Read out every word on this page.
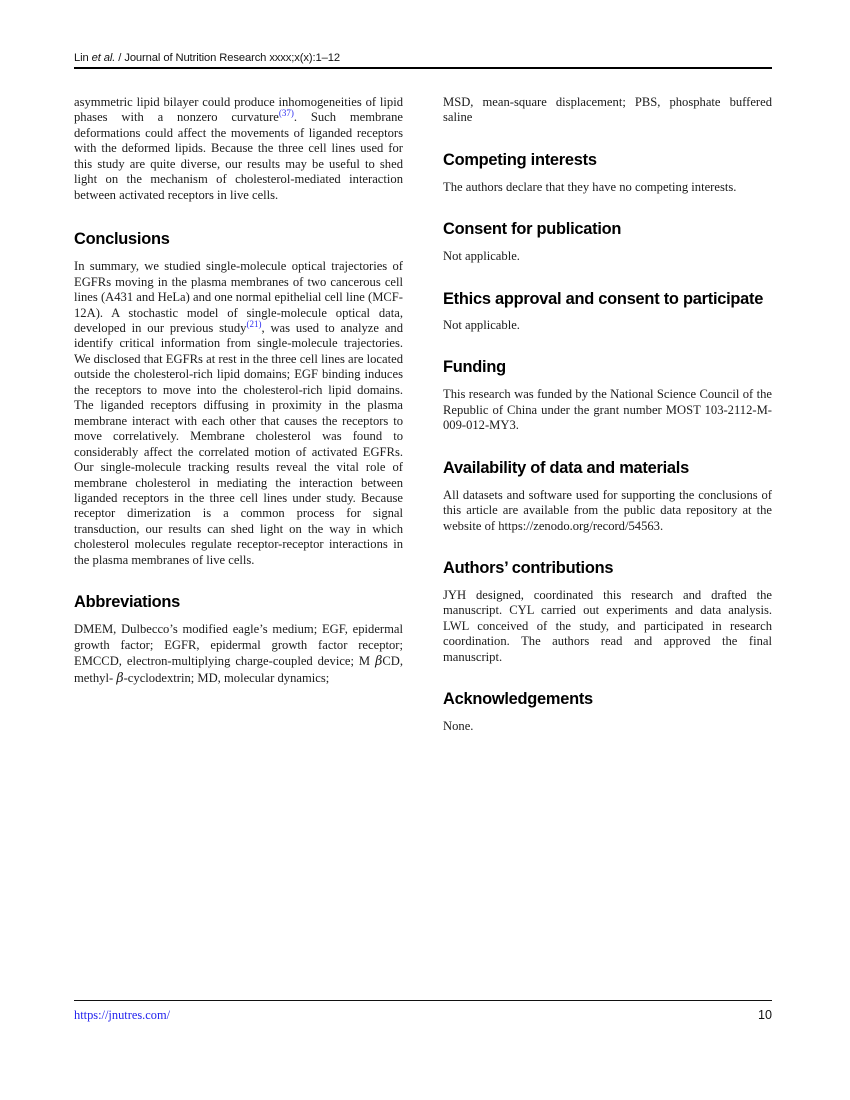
Lin et al. / Journal of Nutrition Research xxxx;x(x):1–12

asymmetric lipid bilayer could produce inhomogeneities of lipid phases with a nonzero curvature$^{(37)}$. Such membrane deformations could affect the movements of liganded receptors with the deformed lipids. Because the three cell lines used for this study are quite diverse, our results may be useful to shed light on the mechanism of cholesterol-mediated interaction between activated receptors in live cells.

Conclusions

In summary, we studied single-molecule optical trajectories of EGFRs moving in the plasma membranes of two cancerous cell lines (A431 and HeLa) and one normal epithelial cell line (MCF-12A). A stochastic model of single-molecule optical data, developed in our previous study$^{(21)}$, was used to analyze and identify critical information from single-molecule trajectories. We disclosed that EGFRs at rest in the three cell lines are located outside the cholesterol-rich lipid domains; EGF binding induces the receptors to move into the cholesterol-rich lipid domains. The liganded receptors diffusing in proximity in the plasma membrane interact with each other that causes the receptors to move correlatively. Membrane cholesterol was found to considerably affect the correlated motion of activated EGFRs. Our single-molecule tracking results reveal the vital role of membrane cholesterol in mediating the interaction between liganded receptors in the three cell lines under study. Because receptor dimerization is a common process for signal transduction, our results can shed light on the way in which cholesterol molecules regulate receptor-receptor interactions in the plasma membranes of live cells.

Abbreviations

DMEM, Dulbecco’s modified eagle’s medium; EGF, epidermal growth factor; EGFR, epidermal growth factor receptor; EMCCD, electron-multiplying charge-coupled device; M βCD, methyl- β-cyclodextrin; MD, molecular dynamics;

MSD, mean-square displacement; PBS, phosphate buffered saline

Competing interests

The authors declare that they have no competing interests.

Consent for publication

Not applicable.

Ethics approval and consent to participate

Not applicable.

Funding

This research was funded by the National Science Council of the Republic of China under the grant number MOST 103-2112-M-009-012-MY3.

Availability of data and materials

All datasets and software used for supporting the conclusions of this article are available from the public data repository at the website of https://zenodo.org/record/54563.

Authors’ contributions

JYH designed, coordinated this research and drafted the manuscript. CYL carried out experiments and data analysis. LWL conceived of the study, and participated in research coordination. The authors read and approved the final manuscript.

Acknowledgements

None.

https://jnutres.com/	10
